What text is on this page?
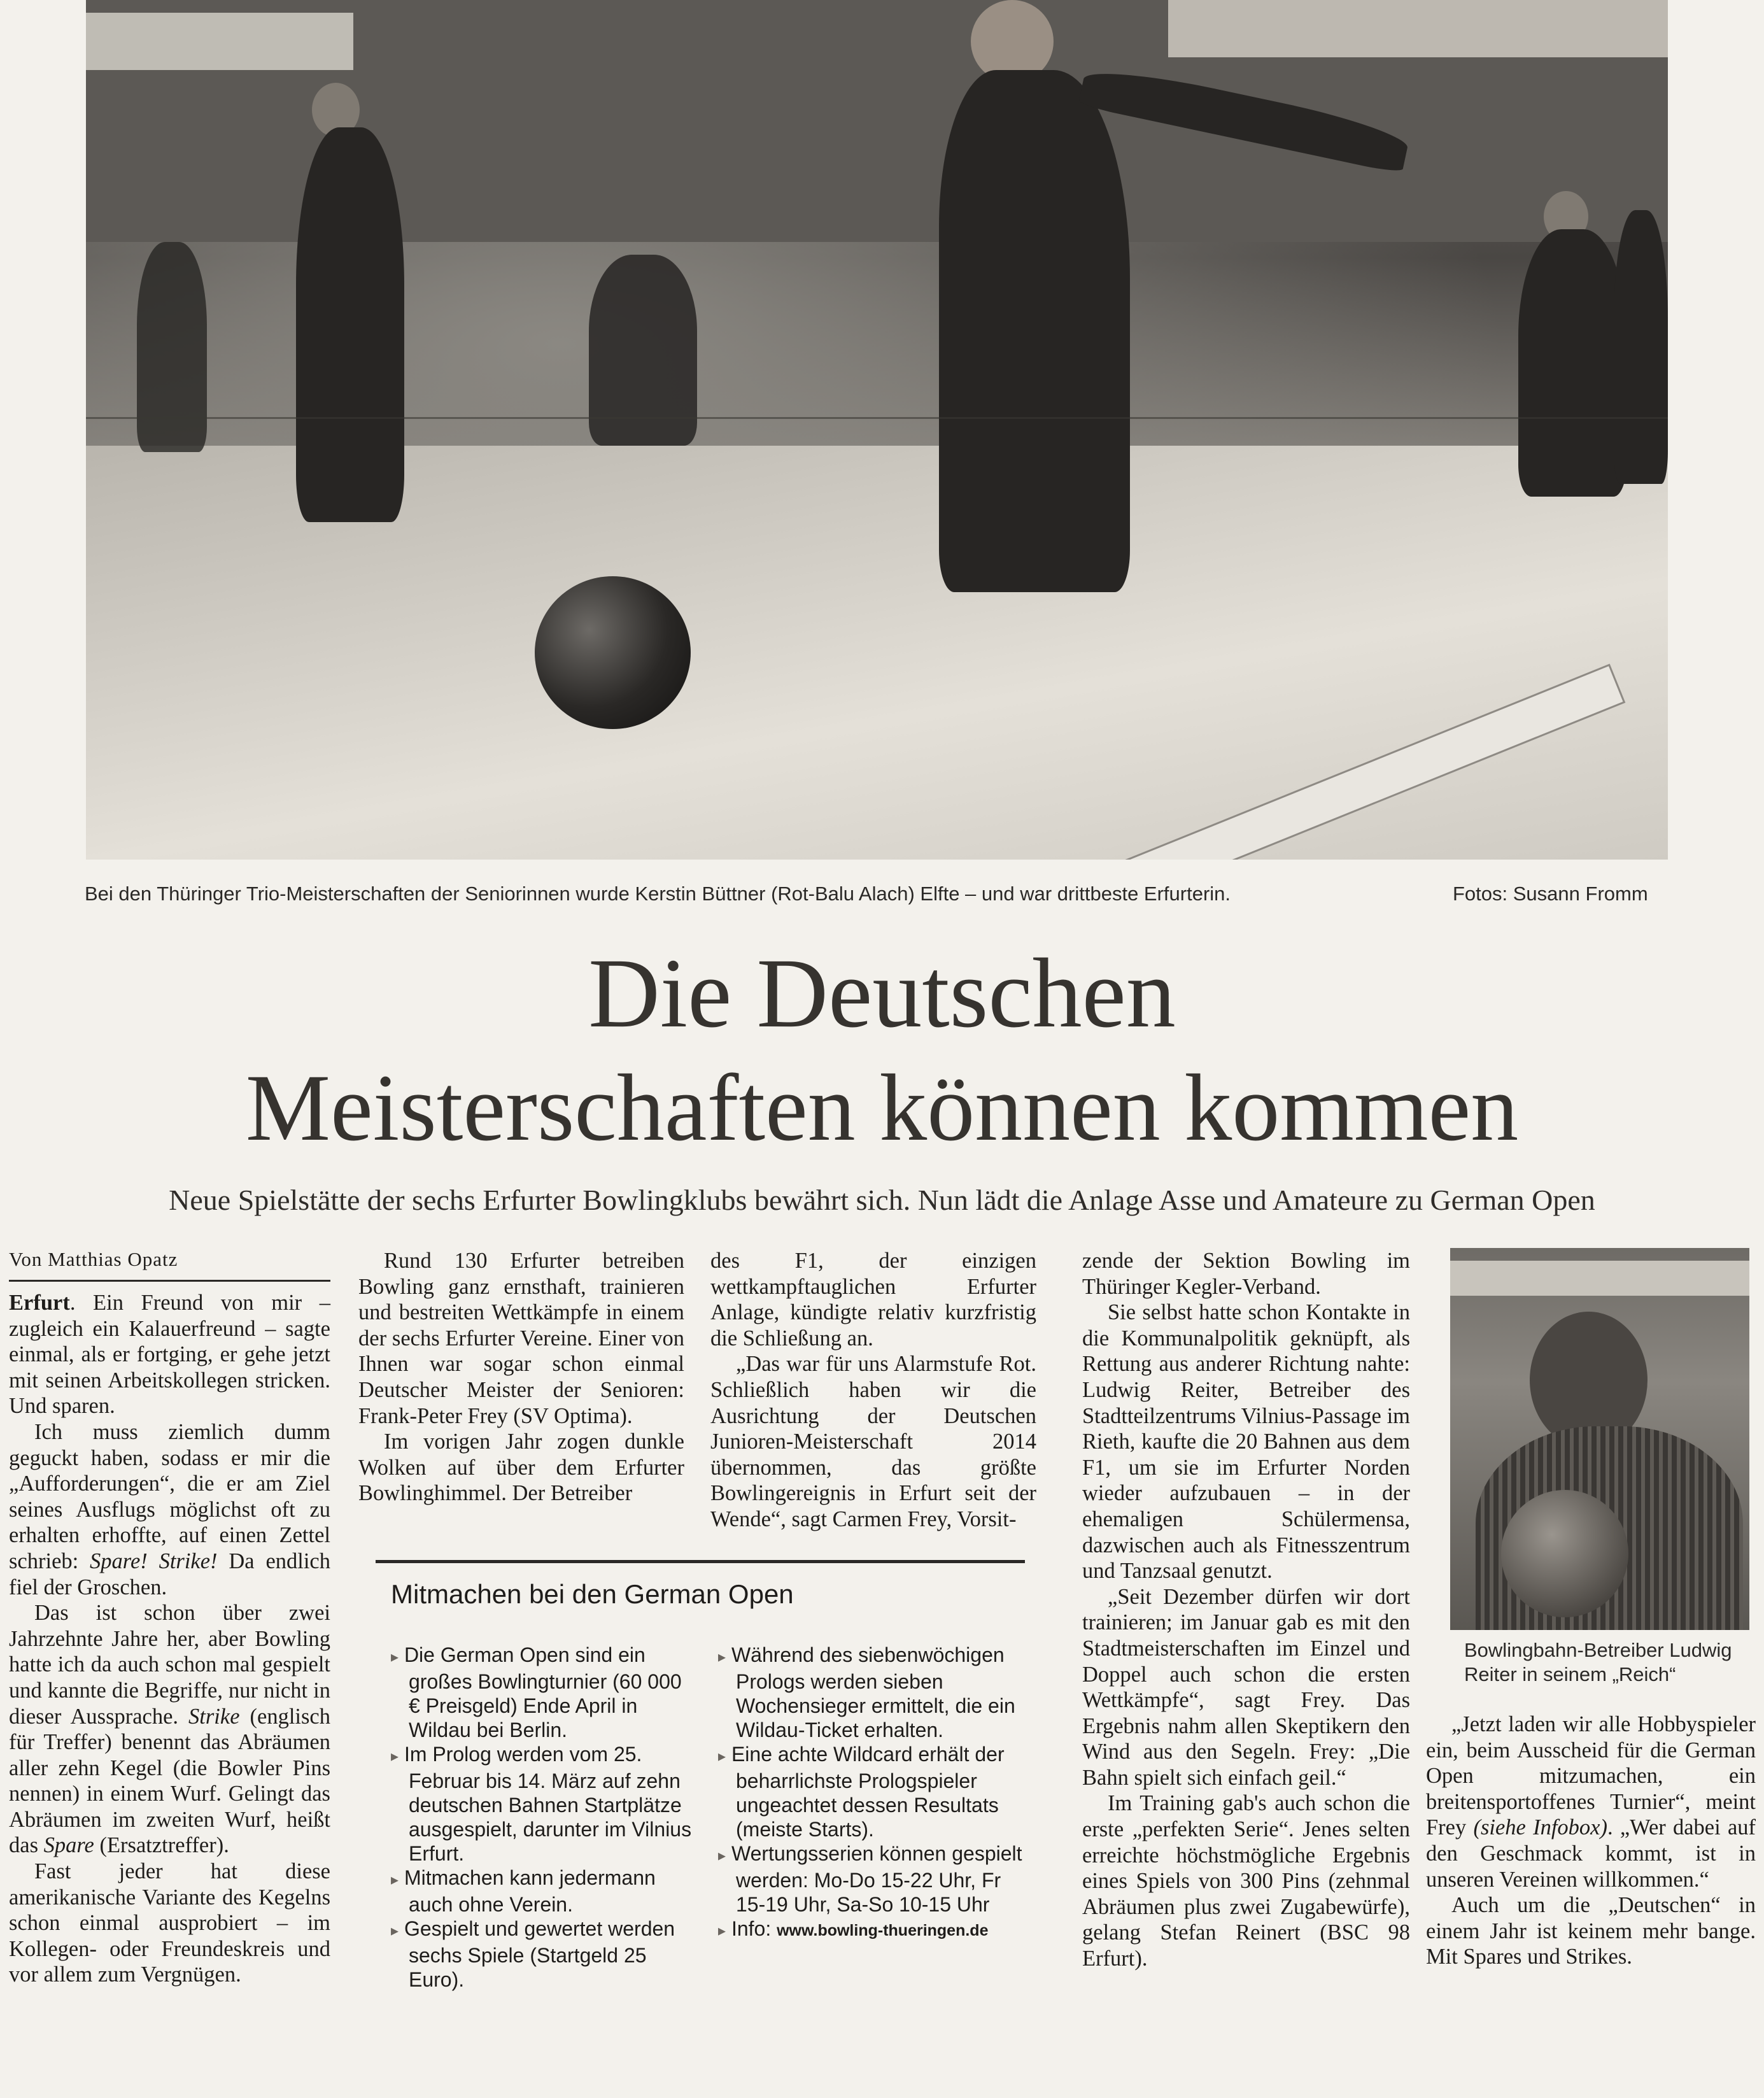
Bei den Thüringer Trio-Meisterschaften der Seniorinnen wurde Kerstin Büttner (Rot-Balu Alach) Elfte – und war drittbeste Erfurterin.	Fotos: Susann Fromm
Die Deutschen
Meisterschaften können kommen
Neue Spielstätte der sechs Erfurter Bowlingklubs bewährt sich. Nun lädt die Anlage Asse und Amateure zu German Open
Von Matthias Opatz

Erfurt. Ein Freund von mir – zugleich ein Kalauerfreund – sagte einmal, als er fortging, er gehe jetzt mit seinen Arbeitskollegen stricken. Und sparen.

Ich muss ziemlich dumm geguckt haben, sodass er mir die „Aufforderungen“, die er am Ziel seines Ausflugs möglichst oft zu erhalten erhoffte, auf einen Zettel schrieb: Spare! Strike! Da endlich fiel der Groschen.

Das ist schon über zwei Jahrzehnte Jahre her, aber Bowling hatte ich da auch schon mal gespielt und kannte die Begriffe, nur nicht in dieser Aussprache. Strike (englisch für Treffer) benennt das Abräumen aller zehn Kegel (die Bowler Pins nennen) in einem Wurf. Gelingt das Abräumen im zweiten Wurf, heißt das Spare (Ersatztreffer).

Fast jeder hat diese amerikanische Variante des Kegelns schon einmal ausprobiert – im Kollegen- oder Freundeskreis und vor allem zum Vergnügen.

Rund 130 Erfurter betreiben Bowling ganz ernsthaft, trainieren und bestreiten Wettkämpfe in einem der sechs Erfurter Vereine. Einer von Ihnen war sogar schon einmal Deutscher Meister der Senioren: Frank-Peter Frey (SV Optima).

Im vorigen Jahr zogen dunkle Wolken auf über dem Erfurter Bowlinghimmel. Der Betreiber

des F1, der einzigen wettkampftauglichen Erfurter Anlage, kündigte relativ kurzfristig die Schließung an.

„Das war für uns Alarmstufe Rot. Schließlich haben wir die Ausrichtung der Deutschen Junioren-Meisterschaft 2014 übernommen, das größte Bowlingereignis in Erfurt seit der Wende“, sagt Carmen Frey, Vorsit-

Mitmachen bei den German Open

▸ Die German Open sind ein großes Bowlingturnier (60 000 € Preisgeld) Ende April in Wildau bei Berlin.

▸ Im Prolog werden vom 25. Februar bis 14. März auf zehn deutschen Bahnen Startplätze ausgespielt, darunter im Vilnius Erfurt.

▸ Mitmachen kann jedermann auch ohne Verein.

▸ Gespielt und gewertet werden sechs Spiele (Startgeld 25 Euro).

▸ Während des siebenwöchigen Prologs werden sieben Wochensieger ermittelt, die ein Wildau-Ticket erhalten.

▸ Eine achte Wildcard erhält der beharrlichste Prologspieler ungeachtet dessen Resultats (meiste Starts).

▸ Wertungsserien können gespielt werden: Mo-Do 15-22 Uhr, Fr 15-19 Uhr, Sa-So 10-15 Uhr

▸ Info: www.bowling-thueringen.de

zende der Sektion Bowling im Thüringer Kegler-Verband.

Sie selbst hatte schon Kontakte in die Kommunalpolitik geknüpft, als Rettung aus anderer Richtung nahte: Ludwig Reiter, Betreiber des Stadtteilzentrums Vilnius-Passage im Rieth, kaufte die 20 Bahnen aus dem F1, um sie im Erfurter Norden wieder aufzubauen – in der ehemaligen Schülermensa, dazwischen auch als Fitnesszentrum und Tanzsaal genutzt.

„Seit Dezember dürfen wir dort trainieren; im Januar gab es mit den Stadtmeisterschaften im Einzel und Doppel auch schon die ersten Wettkämpfe“, sagt Frey. Das Ergebnis nahm allen Skeptikern den Wind aus den Segeln. Frey: „Die Bahn spielt sich einfach geil.“

Im Training gab's auch schon die erste „perfekten Serie“. Jenes selten erreichte höchstmögliche Ergebnis eines Spiels von 300 Pins (zehnmal Abräumen plus zwei Zugabewürfe), gelang Stefan Reinert (BSC 98 Erfurt).

Bowlingbahn-Betreiber Ludwig Reiter in seinem „Reich“

„Jetzt laden wir alle Hobbyspieler ein, beim Ausscheid für die German Open mitzumachen, ein breitensportoffenes Turnier“, meint Frey (siehe Infobox). „Wer dabei auf den Geschmack kommt, ist in unseren Vereinen willkommen.“

Auch um die „Deutschen“ in einem Jahr ist keinem mehr bange. Mit Spares und Strikes.
